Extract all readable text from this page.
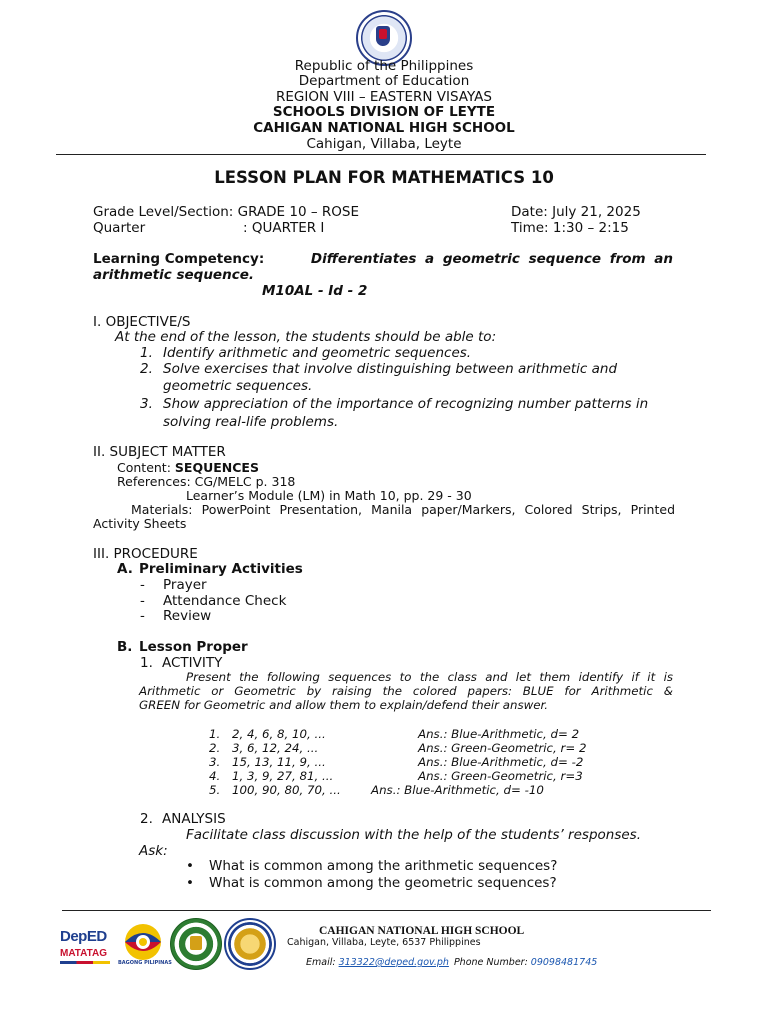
Republic of the Philippines
Department of Education
REGION VIII – EASTERN VISAYAS
SCHOOLS DIVISION OF LEYTE
CAHIGAN NATIONAL HIGH SCHOOL
Cahigan, Villaba, Leyte
LESSON PLAN FOR MATHEMATICS 10
Grade Level/Section: GRADE 10 – ROSE
Quarter	: QUARTER I
Date: July 21, 2025
Time: 1:30 – 2:15
Learning Competency:	Differentiates a geometric sequence from an
arithmetic sequence.
M10AL - Id - 2
I. OBJECTIVE/S
At the end of the lesson, the students should be able to:
1. Identify arithmetic and geometric sequences.
2. Solve exercises that involve distinguishing between arithmetic and
geometric sequences.
3. Show appreciation of the importance of recognizing number patterns in
solving real-life problems.
II. SUBJECT MATTER
Content: SEQUENCES
References: CG/MELC p. 318
Learner’s Module (LM) in Math 10, pp. 29 - 30
Materials: PowerPoint Presentation, Manila paper/Markers, Colored Strips, Printed
Activity Sheets
III. PROCEDURE
A. Preliminary Activities
- Prayer
- Attendance Check
- Review
B. Lesson Proper
1. ACTIVITY
Present the following sequences to the class and let them identify if it is
Arithmetic or Geometric by raising the colored papers: BLUE for Arithmetic &
GREEN for Geometric and allow them to explain/defend their answer.
1. 2, 4, 6, 8, 10, ...	Ans.: Blue-Arithmetic, d= 2
2. 3, 6, 12, 24, ...	Ans.: Green-Geometric, r= 2
3. 15, 13, 11, 9, ...	Ans.: Blue-Arithmetic, d= -2
4. 1, 3, 9, 27, 81, ...	Ans.: Green-Geometric, r=3
5. 100, 90, 80, 70, ...	Ans.: Blue-Arithmetic, d= -10
2. ANALYSIS
Facilitate class discussion with the help of the students’ responses.
Ask:
• What is common among the arithmetic sequences?
• What is common among the geometric sequences?
DepED
MATATAG
BAGONG PILIPINAS
CAHIGAN NATIONAL HIGH SCHOOL
Cahigan, Villaba, Leyte, 6537 Philippines
Email: 313322@deped.gov.ph Phone Number: 09098481745
